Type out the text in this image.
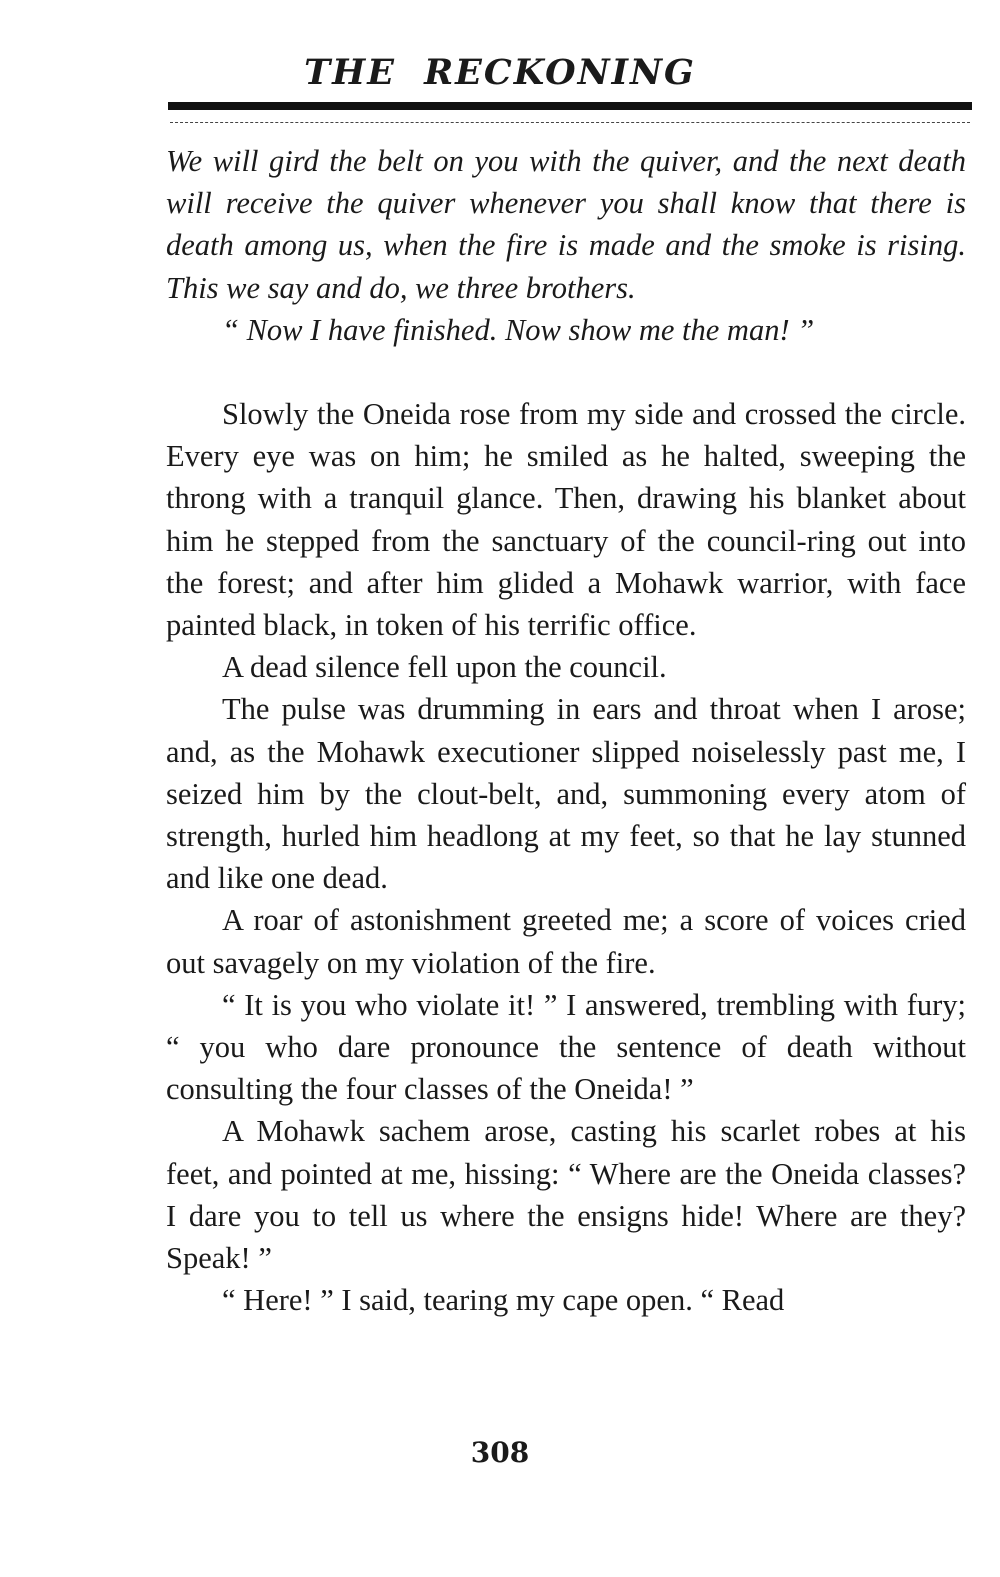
THE RECKONING

We will gird the belt on you with the quiver, and the next death will receive the quiver whenever you shall know that there is death among us, when the fire is made and the smoke is rising. This we say and do, we three brothers.

“ Now I have finished. Now show me the man! ”

Slowly the Oneida rose from my side and crossed the circle. Every eye was on him; he smiled as he halted, sweeping the throng with a tranquil glance. Then, drawing his blanket about him he stepped from the sanctuary of the council-ring out into the forest; and after him glided a Mohawk warrior, with face painted black, in token of his terrific office.

A dead silence fell upon the council.

The pulse was drumming in ears and throat when I arose; and, as the Mohawk executioner slipped noiselessly past me, I seized him by the clout-belt, and, summoning every atom of strength, hurled him headlong at my feet, so that he lay stunned and like one dead.

A roar of astonishment greeted me; a score of voices cried out savagely on my violation of the fire.

“ It is you who violate it! ” I answered, trembling with fury; “ you who dare pronounce the sentence of death without consulting the four classes of the Oneida! ”

A Mohawk sachem arose, casting his scarlet robes at his feet, and pointed at me, hissing: “ Where are the Oneida classes? I dare you to tell us where the ensigns hide! Where are they? Speak! ”

“ Here! ” I said, tearing my cape open. “ Read

308
